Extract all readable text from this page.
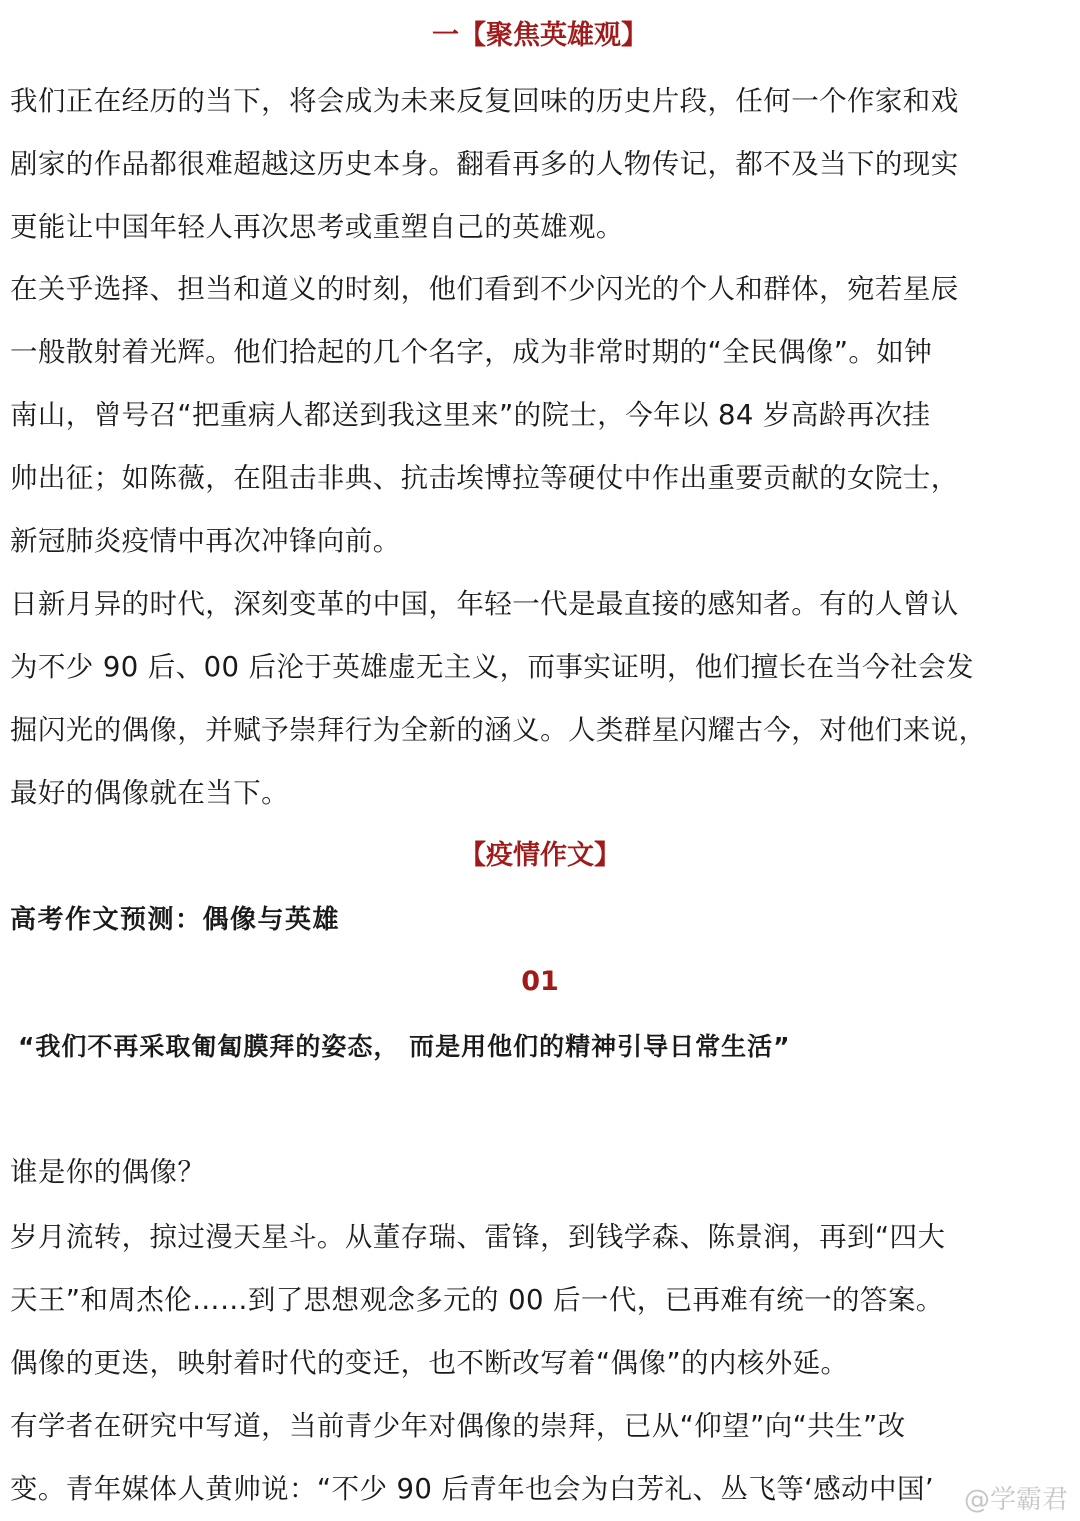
一【聚焦英雄观】
我们正在经历的当下，将会成为未来反复回味的历史片段，任何一个作家和戏
剧家的作品都很难超越这历史本身。翻看再多的人物传记，都不及当下的现实
更能让中国年轻人再次思考或重塑自己的英雄观。
在关乎选择、担当和道义的时刻，他们看到不少闪光的个人和群体，宛若星辰
一般散射着光辉。他们拾起的几个名字，成为非常时期的“全民偶像”。如钟
南山，曾号召“把重病人都送到我这里来”的院士，今年以 84 岁高龄再次挂
帅出征；如陈薇，在阻击非典、抗击埃博拉等硬仗中作出重要贡献的女院士，
新冠肺炎疫情中再次冲锋向前。
日新月异的时代，深刻变革的中国，年轻一代是最直接的感知者。有的人曾认
为不少 90 后、00 后沦于英雄虚无主义，而事实证明，他们擅长在当今社会发
掘闪光的偶像，并赋予崇拜行为全新的涵义。人类群星闪耀古今，对他们来说，
最好的偶像就在当下。
【疫情作文】
高考作文预测：偶像与英雄
01
“我们不再采取匍匐膜拜的姿态， 而是用他们的精神引导日常生活”
谁是你的偶像？
岁月流转，掠过漫天星斗。从董存瑞、雷锋，到钱学森、陈景润，再到“四大
天王”和周杰伦……到了思想观念多元的 00 后一代，已再难有统一的答案。
偶像的更迭，映射着时代的变迁，也不断改写着“偶像”的内核外延。
有学者在研究中写道，当前青少年对偶像的崇拜，已从“仰望”向“共生”改
变。青年媒体人黄帅说：“不少 90 后青年也会为白芳礼、丛飞等‘感动中国’	@学霸君
